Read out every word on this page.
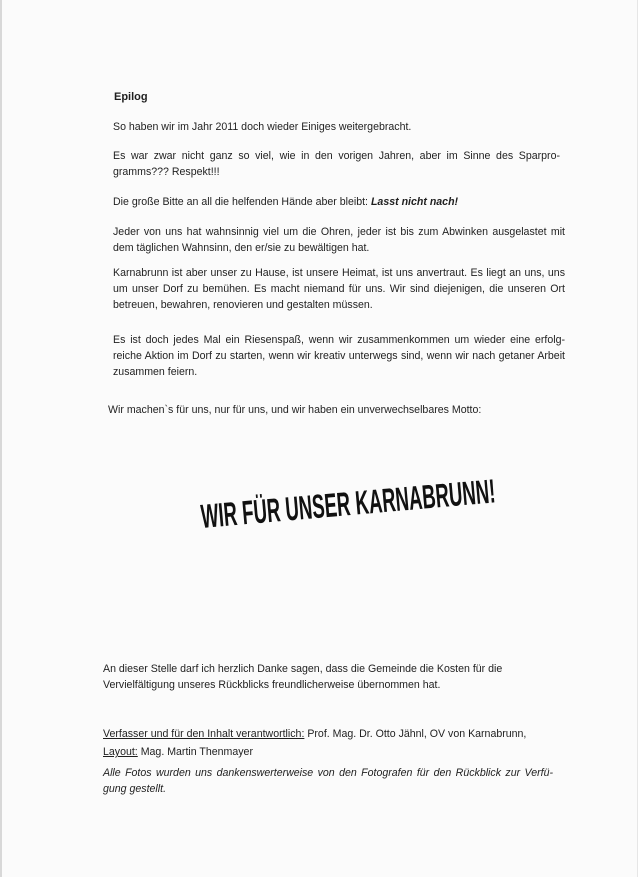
Epilog
So haben wir im Jahr 2011 doch wieder Einiges weitergebracht.
Es war zwar nicht ganz so viel, wie in den vorigen Jahren, aber im Sinne des Sparpro-gramms??? Respekt!!!
Die große Bitte an all die helfenden Hände aber bleibt: Lasst nicht nach!
Jeder von uns hat wahnsinnig viel um die Ohren, jeder ist bis zum Abwinken ausgelastet mit dem täglichen Wahnsinn, den er/sie zu bewältigen hat.
Karnabrunn ist aber unser zu Hause, ist unsere Heimat, ist uns anvertraut. Es liegt an uns, uns um unser Dorf zu bemühen. Es macht niemand für uns. Wir sind diejenigen, die unseren Ort betreuen, bewahren, renovieren und gestalten müssen.
Es ist doch jedes Mal ein Riesenspaß, wenn wir zusammenkommen um wieder eine erfolg-reiche Aktion im Dorf zu starten, wenn wir kreativ unterwegs sind, wenn wir nach getaner Arbeit zusammen feiern.
Wir machen`s für uns, nur für uns, und wir haben ein unverwechselbares Motto:
WIR FÜR UNSER KARNABRUNN!
An dieser Stelle darf ich herzlich Danke sagen, dass die Gemeinde die Kosten für die Vervielfältigung unseres Rückblicks freundlicherweise übernommen hat.
Verfasser und für den Inhalt verantwortlich: Prof. Mag. Dr. Otto Jähnl, OV von Karnabrunn,
Layout: Mag. Martin Thenmayer
Alle Fotos wurden uns dankenswerterweise von den Fotografen für den Rückblick zur Verfü-gung gestellt.
